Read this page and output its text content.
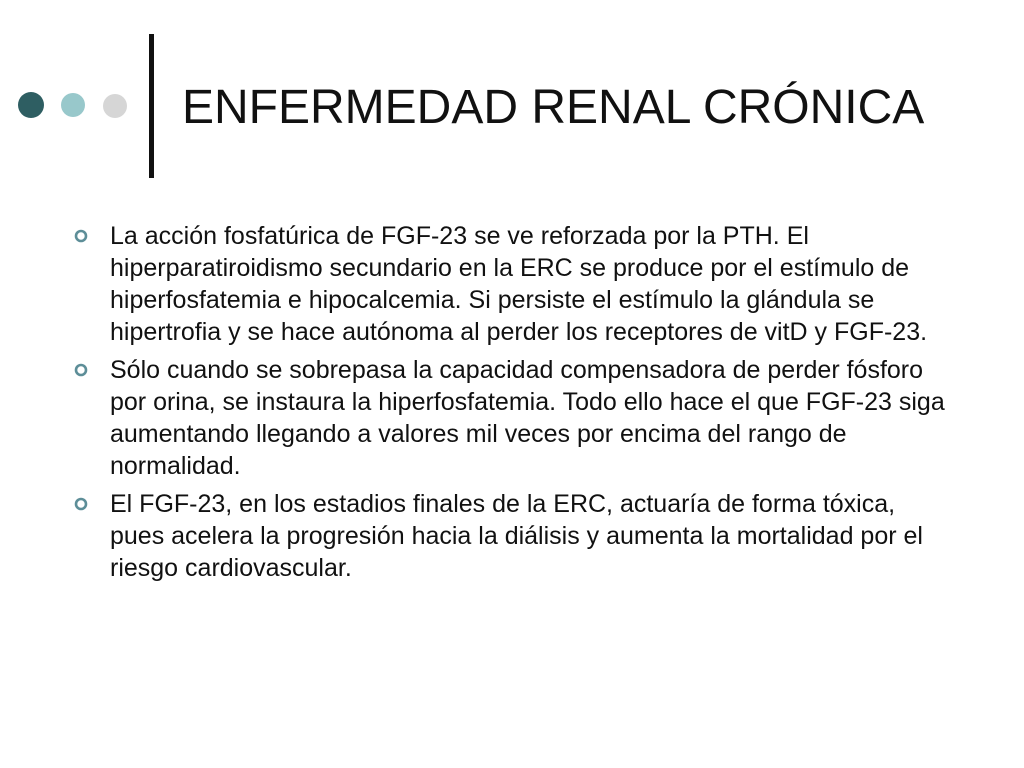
ENFERMEDAD RENAL CRÓNICA
La acción fosfatúrica de FGF-23 se ve reforzada por la PTH. El hiperparatiroidismo secundario en la ERC se produce por el estímulo de hiperfosfatemia e hipocalcemia. Si persiste el estímulo la glándula se hipertrofia y se hace autónoma al perder los receptores de vitD y FGF-23.
Sólo cuando se sobrepasa la capacidad compensadora de perder fósforo por orina, se instaura la hiperfosfatemia. Todo ello hace el que FGF-23 siga aumentando llegando a valores mil veces por encima del rango de normalidad.
El FGF-23, en los estadios finales de la ERC, actuaría de forma tóxica, pues acelera la progresión hacia la diálisis y aumenta la mortalidad por el riesgo cardiovascular.
